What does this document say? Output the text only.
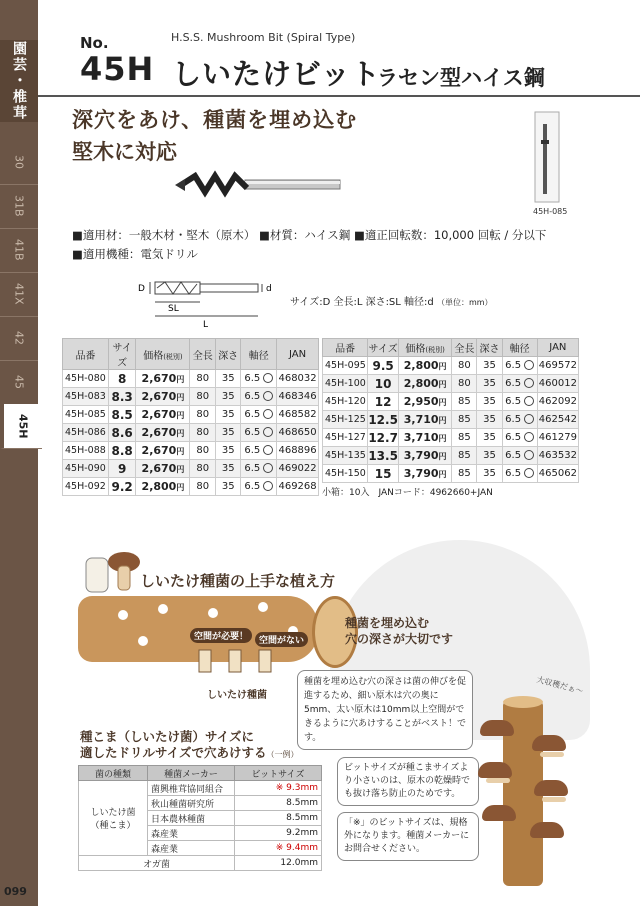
園芸・椎茸
30
31B
41B
41X
42
45
45H
099
No.	H.S.S. Mushroom Bit (Spiral Type)
45H しいたけビット
ラセン型ハイス鋼
深穴をあけ、種菌を埋め込む
堅木に対応
45H-085
■適用材：一般木材・堅木（原木） ■材質：ハイス鋼 ■適正回転数：10,000 回転 / 分以下
■適用機種：電気ドリル
D	d
SL
L
サイズ:D 全長:L 深さ:SL 軸径:d （単位：mm）
品番	サイズ	価格(税別)	全長	深さ	軸径	JAN
45H-080	8	2,670円	80	35	6.5	468032
45H-083	8.3	2,670円	80	35	6.5	468346
45H-085	8.5	2,670円	80	35	6.5	468582
45H-086	8.6	2,670円	80	35	6.5	468650
45H-088	8.8	2,670円	80	35	6.5	468896
45H-090	9	2,670円	80	35	6.5	469022
45H-092	9.2	2,800円	80	35	6.5	469268
品番	サイズ	価格(税別)	全長	深さ	軸径	JAN
45H-095	9.5	2,800円	80	35	6.5	469572
45H-100	10	2,800円	80	35	6.5	460012
45H-120	12	2,950円	85	35	6.5	462092
45H-125	12.5	3,710円	85	35	6.5	462542
45H-127	12.7	3,710円	85	35	6.5	461279
45H-135	13.5	3,790円	85	35	6.5	463532
45H-150	15	3,790円	85	35	6.5	465062
小箱：10入　JANコード：4962660+JAN
しいたけ種菌の上手な植え方
空間が必要！	空間がない
種菌を埋め込む
穴の深さが大切です
しいたけ種菌
種菌を埋め込む穴の深さは菌の伸びを促進するため、細い原木は穴の奥に5mm、太い原木は10mm以上空間ができるように穴あけすることがベスト！です。
種こま（しいたけ菌）サイズに
適したドリルサイズで穴あけする（一例）
菌の種類	種菌メーカー	ビットサイズ

しいたけ菌
（種こま）	菌興椎茸協同組合	※ 9.3mm
	秋山種菌研究所	8.5mm
	日本農林種菌	8.5mm
	森産業	9.2mm
	森産業	※ 9.4mm
オガ菌		12.0mm
ビットサイズが種こまサイズより小さいのは、原木の乾燥時でも抜け落ち防止のためです。
「※」のビットサイズは、規格外になります。種菌メーカーにお問合せください。
大収穫だぁ～
